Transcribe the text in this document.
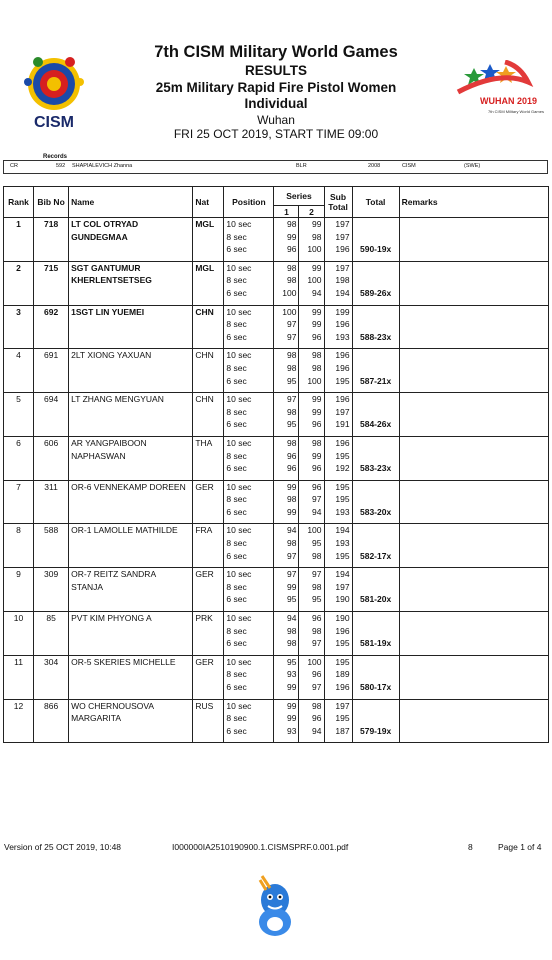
7th CISM Military World Games
RESULTS
25m Military Rapid Fire Pistol Women
Individual
Wuhan
FRI 25 OCT 2019, START TIME 09:00
CISM
WUHAN 2019
7th CISM Military World Games
Records
CR	592 SHAPIALEVICH Zhanna	BLR	2008	CISM	(SWE)
Rank	Bib No	Name	Nat	Position	Series		Sub Total	Total	Remarks
					1	2			
1	718	LT COL OTRYAD	MGL	10 sec	98	99	197		
		GUNDEGMAA		8 sec	99	98	197		

				6 sec	96	100	196	590-19x	

2	715	SGT GANTUMUR	MGL	10 sec	98	99	197		
		KHERLENTSETSEG		8 sec	98	100	198		

				6 sec	100	94	194	589-26x	

3	692	1SGT LIN YUEMEI	CHN	10 sec	100	99	199		
				8 sec	97	99	196		
				6 sec	97	96	193	588-23x	

4	691	2LT XIONG YAXUAN	CHN	10 sec	98	98	196		
				8 sec	98	98	196		
				6 sec	95	100	195	587-21x	

5	694	LT ZHANG MENGYUAN	CHN	10 sec	97	99	196		
				8 sec	98	99	197		
				6 sec	95	96	191	584-26x	

6	606	AR YANGPAIBOON	THA	10 sec	98	98	196		
		NAPHASWAN		8 sec	96	99	195		

				6 sec	96	96	192	583-23x	

7	311	OR-6 VENNEKAMP DOREEN	GER	10 sec	99	96	195		
				8 sec	98	97	195		
				6 sec	99	94	193	583-20x	

8	588	OR-1 LAMOLLE MATHILDE	FRA	10 sec	94	100	194		
				8 sec	98	95	193		
				6 sec	97	98	195	582-17x	

9	309	OR-7 REITZ SANDRA	GER	10 sec	97	97	194		
		STANJA		8 sec	99	98	197		

				6 sec	95	95	190	581-20x	

10	85	PVT KIM PHYONG A	PRK	10 sec	94	96	190		
				8 sec	98	98	196		
				6 sec	98	97	195	581-19x	

11	304	OR-5 SKERIES MICHELLE	GER	10 sec	95	100	195		
				8 sec	93	96	189		
				6 sec	99	97	196	580-17x	

12	866	WO CHERNOUSOVA	RUS	10 sec	99	98	197		
		MARGARITA		8 sec	99	96	195		

				6 sec	93	94	187	579-19x	

Version of 25 OCT 2019, 10:48	I000000IA2510190900.1.CISMSPRF.0.001.pdf	8	Page 1 of 4
